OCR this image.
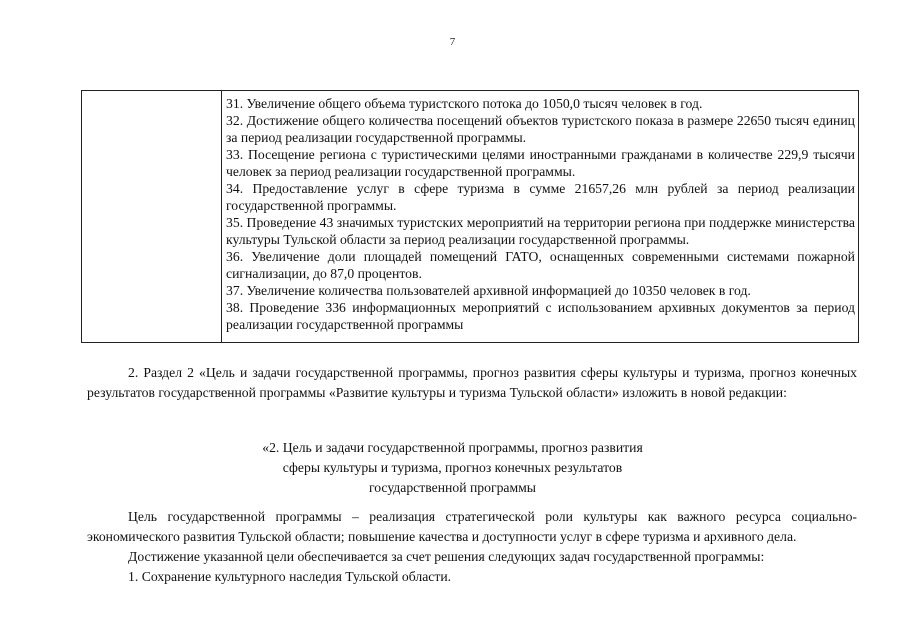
7

31. Увеличение общего объема туристского потока до 1050,0 тысяч человек в год.

32. Достижение общего количества посещений объектов туристского показа в размере 22650 тысяч единиц за период реализации государственной программы.

33. Посещение региона с туристическими целями иностранными гражданами в количестве 229,9 тысячи человек за период реализации государственной программы.

34. Предоставление услуг в сфере туризма в сумме 21657,26 млн рублей за период реализации государственной программы.

35. Проведение 43 значимых туристских мероприятий на территории региона при поддержке министерства культуры Тульской области за период реализации государственной программы.

36. Увеличение доли площадей помещений ГАТО, оснащенных современными системами пожарной сигнализации, до 87,0 процентов.

37. Увеличение количества пользователей архивной информацией до 10350 человек в год.

38. Проведение 336 информационных мероприятий с использованием архивных документов за период реализации государственной программы

2. Раздел 2 «Цель и задачи государственной программы, прогноз развития сферы культуры и туризма, прогноз конечных результатов государственной программы «Развитие культуры и туризма Тульской области» изложить в новой редакции:

«2. Цель и задачи государственной программы, прогноз развития
сферы культуры и туризма, прогноз конечных результатов
государственной программы

Цель государственной программы – реализация стратегической роли культуры как важного ресурса социально-экономического развития Тульской области; повышение качества и доступности услуг в сфере туризма и архивного дела.

Достижение указанной цели обеспечивается за счет решения следующих задач государственной программы:

1. Сохранение культурного наследия Тульской области.
